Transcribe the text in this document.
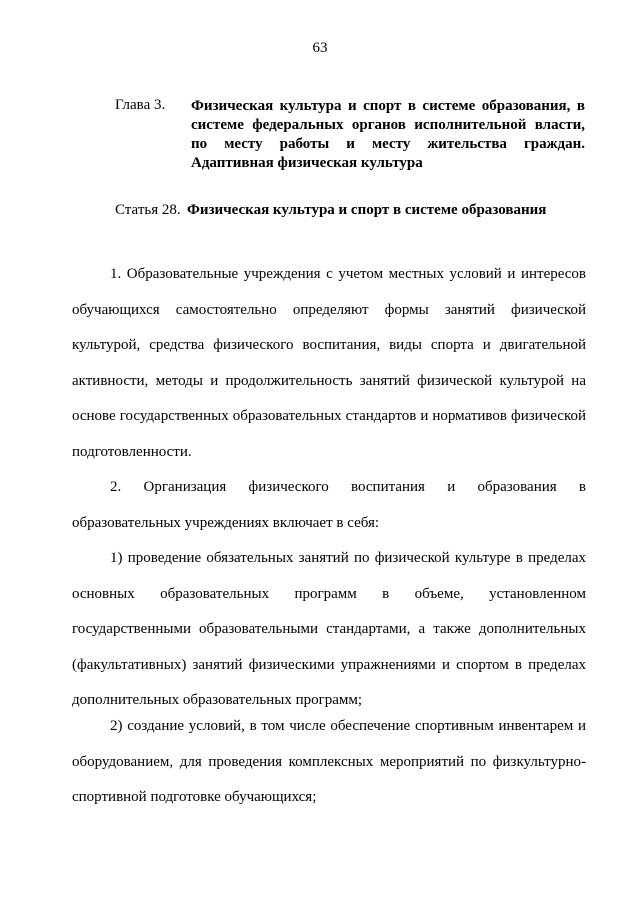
63
Глава 3.	Физическая культура и спорт в системе образования, в системе федеральных органов исполнительной власти, по месту работы и месту жительства граждан. Адаптивная физическая культура
Статья 28. Физическая культура и спорт в системе образования

1. Образовательные учреждения с учетом местных условий и интересов обучающихся самостоятельно определяют формы занятий физической культурой, средства физического воспитания, виды спорта и двигательной активности, методы и продолжительность занятий физической культурой на основе государственных образовательных стандартов и нормативов физической подготовленности.

2. Организация физического воспитания и образования в образовательных учреждениях включает в себя:

1) проведение обязательных занятий по физической культуре в пределах основных образовательных программ в объеме, установленном государственными образовательными стандартами, а также дополнительных (факультативных) занятий физическими упражнениями и спортом в пределах дополнительных образовательных программ;

2) создание условий, в том числе обеспечение спортивным инвентарем и оборудованием, для проведения комплексных мероприятий по физкультурно-спортивной подготовке обучающихся;
